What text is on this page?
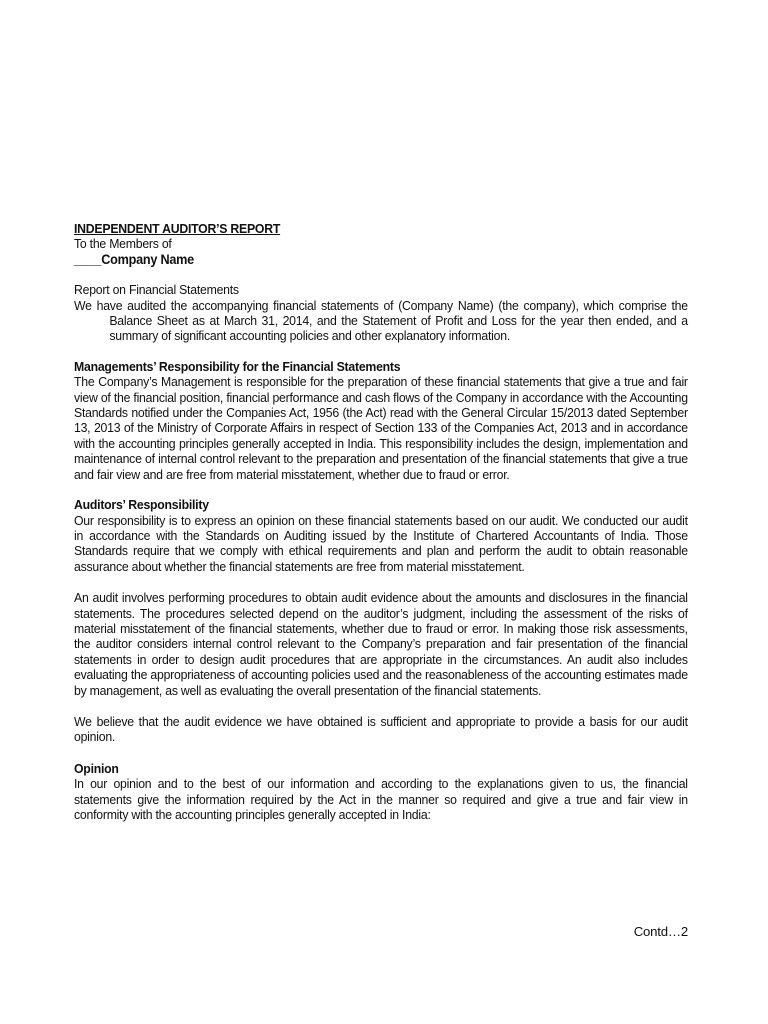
INDEPENDENT AUDITOR’S REPORT

To the Members of

____Company Name

Report on Financial Statements

We have audited the accompanying financial statements of (Company Name) (the company), which comprise the Balance Sheet as at March 31, 2014, and the Statement of Profit and Loss for the year then ended, and a summary of significant accounting policies and other explanatory information.

Managements’ Responsibility for the Financial Statements

The Company’s Management is responsible for the preparation of these financial statements that give a true and fair view of the financial position, financial performance and cash flows of the Company in accordance with the Accounting Standards notified under the Companies Act, 1956 (the Act) read with the General Circular 15/2013 dated September 13, 2013 of the Ministry of Corporate Affairs in respect of Section 133 of the Companies Act, 2013 and in accordance with the accounting principles generally accepted in India. This responsibility includes the design, implementation and maintenance of internal control relevant to the preparation and presentation of the financial statements that give a true and fair view and are free from material misstatement, whether due to fraud or error.

Auditors’ Responsibility

Our responsibility is to express an opinion on these financial statements based on our audit. We conducted our audit in accordance with the Standards on Auditing issued by the Institute of Chartered Accountants of India. Those Standards require that we comply with ethical requirements and plan and perform the audit to obtain reasonable assurance about whether the financial statements are free from material misstatement.

An audit involves performing procedures to obtain audit evidence about the amounts and disclosures in the financial statements. The procedures selected depend on the auditor’s judgment, including the assessment of the risks of material misstatement of the financial statements, whether due to fraud or error. In making those risk assessments, the auditor considers internal control relevant to the Company’s preparation and fair presentation of the financial statements in order to design audit procedures that are appropriate in the circumstances. An audit also includes evaluating the appropriateness of accounting policies used and the reasonableness of the accounting estimates made by management, as well as evaluating the overall presentation of the financial statements.

We believe that the audit evidence we have obtained is sufficient and appropriate to provide a basis for our audit opinion.

Opinion

In our opinion and to the best of our information and according to the explanations given to us, the financial statements give the information required by the Act in the manner so required and give a true and fair view in conformity with the accounting principles generally accepted in India:

Contd…2
